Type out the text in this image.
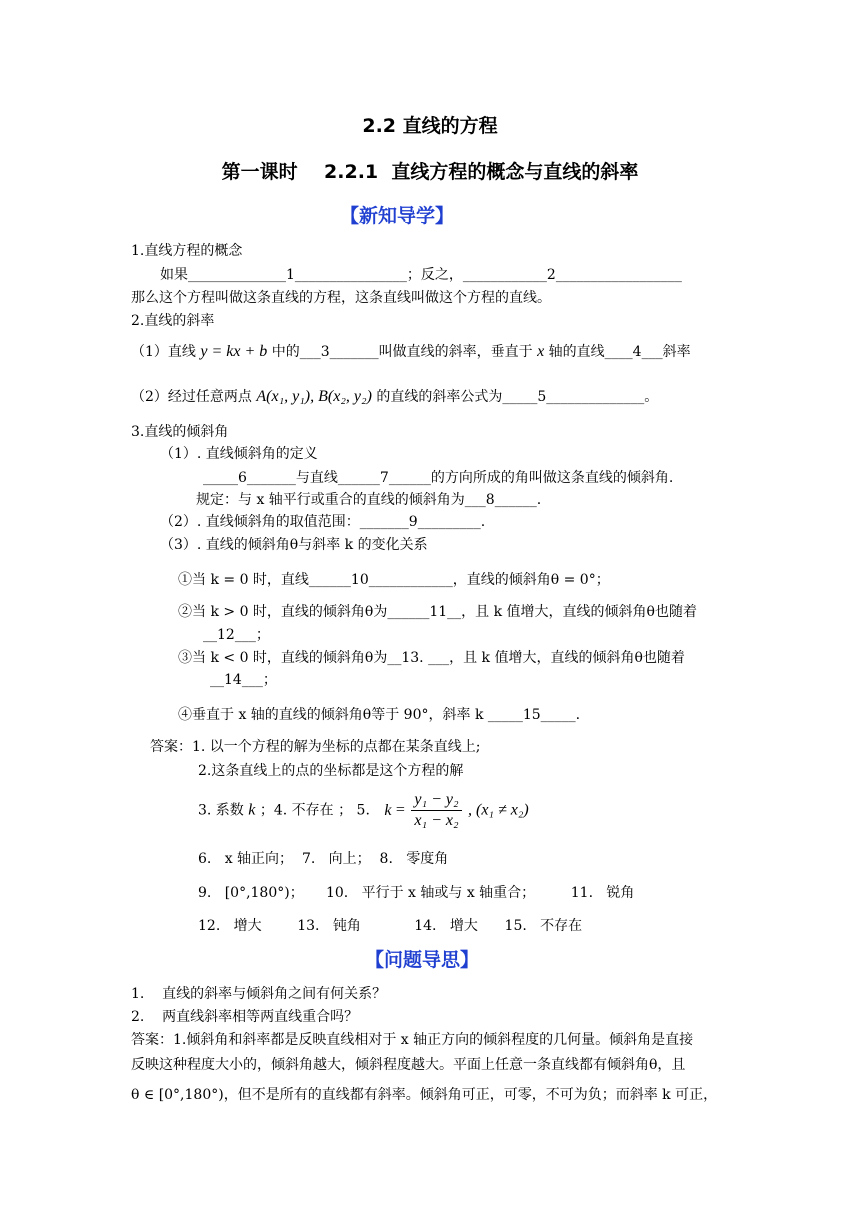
2.2 直线的方程
第一课时    2.2.1  直线方程的概念与直线的斜率
【新知导学】
1.直线方程的概念
如果______________1________________；反之，____________2__________________
那么这个方程叫做这条直线的方程，这条直线叫做这个方程的直线。
2.直线的斜率
（1）直线 y = kx + b 中的___3_______叫做直线的斜率，垂直于 x 轴的直线____4___斜率
（2）经过任意两点 A(x₁, y₁), B(x₂, y₂) 的直线的斜率公式为_____5______________。
3.直线的倾斜角
（1）. 直线倾斜角的定义
_____6_______与直线______7______的方向所成的角叫做这条直线的倾斜角.
规定：与 x 轴平行或重合的直线的倾斜角为___8______.
（2）. 直线倾斜角的取值范围：_______9_________.
（3）. 直线的倾斜角θ与斜率 k 的变化关系
①当 k = 0 时，直线______10____________，直线的倾斜角θ = 0°；
②当 k > 0 时，直线的倾斜角θ为______11__，且 k 值增大，直线的倾斜角θ也随着
__12___；
③当 k < 0 时，直线的倾斜角θ为__13. ___，且 k 值增大，直线的倾斜角θ也随着
__14___；
④垂直于 x 轴的直线的倾斜角θ等于 90°，斜率 k _____15_____.
答案：1. 以一个方程的解为坐标的点都在某条直线上;
2.这条直线上的点的坐标都是这个方程的解
3. 系数 k ；4. 不存在 ； 5. $k = \frac{\text{y₁ − y₂}}{\text{x₁ − x₂}}$ , (x₁ ≠ x₂)
6.   x 轴正向；  7.   向上；  8.   零度角
9.   [0°,180°)；     10.   平行于 x 轴或与 x 轴重合；        11.   锐角
12.   增大        13.   钝角            14.   增大      15.   不存在
【问题导思】
1.    直线的斜率与倾斜角之间有何关系？
2.    两直线斜率相等两直线重合吗？
答案：1.倾斜角和斜率都是反映直线相对于 x 轴正方向的倾斜程度的几何量。倾斜角是直接
反映这种程度大小的，倾斜角越大，倾斜程度越大。平面上任意一条直线都有倾斜角θ，且
θ ∈ [0°,180°)，但不是所有的直线都有斜率。倾斜角可正，可零，不可为负；而斜率 k 可正，
